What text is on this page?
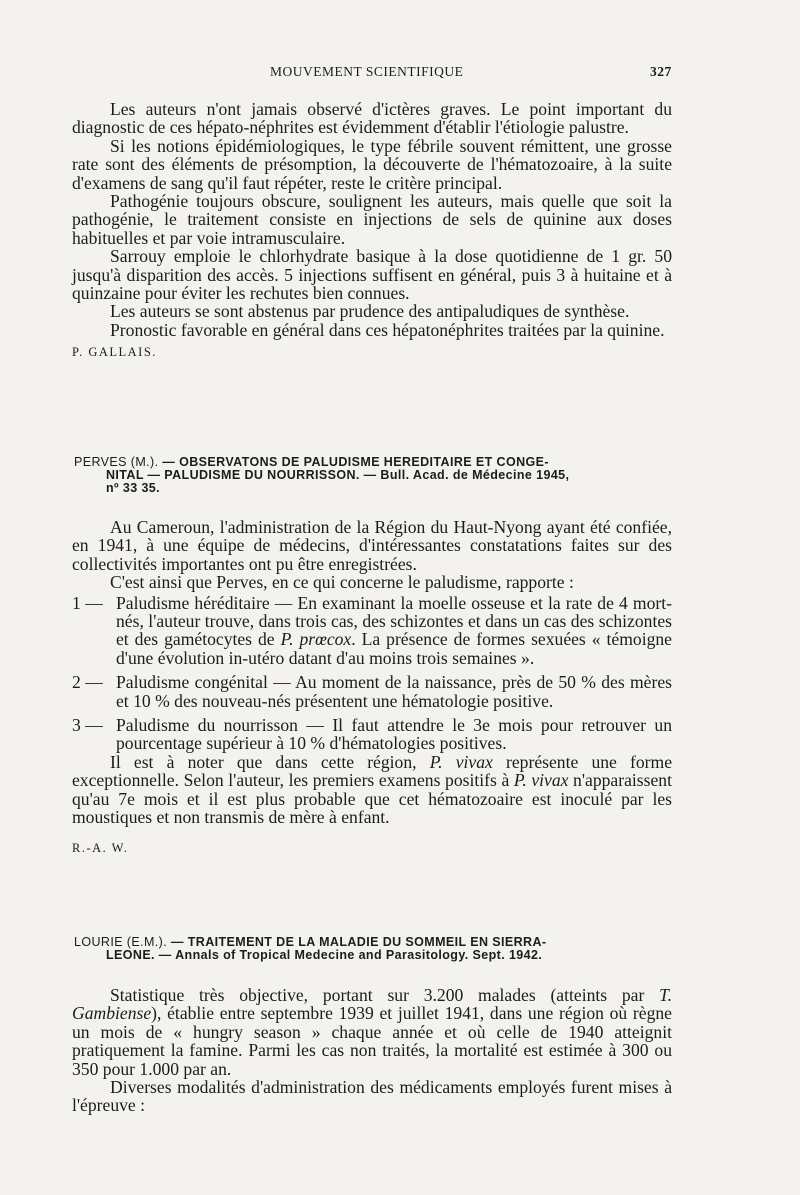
MOUVEMENT SCIENTIFIQUE	327

Les auteurs n'ont jamais observé d'ictères graves. Le point important du diagnostic de ces hépato-néphrites est évidemment d'établir l'étiologie palustre.

Si les notions épidémiologiques, le type fébrile souvent rémittent, une grosse rate sont des éléments de présomption, la découverte de l'hématozoaire, à la suite d'examens de sang qu'il faut répéter, reste le critère principal.

Pathogénie toujours obscure, soulignent les auteurs, mais quelle que soit la pathogénie, le traitement consiste en injections de sels de quinine aux doses habituelles et par voie intramusculaire.

Sarrouy emploie le chlorhydrate basique à la dose quotidienne de 1 gr. 50 jusqu'à disparition des accès. 5 injections suffisent en général, puis 3 à huitaine et à quinzaine pour éviter les rechutes bien connues.

Les auteurs se sont abstenus par prudence des antipaludiques de synthèse.

Pronostic favorable en général dans ces hépatonéphrites traitées par la quinine.

P. GALLAIS.

PERVES (M.). — OBSERVATONS DE PALUDISME HEREDITAIRE ET CONGE-
NITAL — PALUDISME DU NOURRISSON. — Bull. Acad. de Médecine 1945,
nº 33 35.

Au Cameroun, l'administration de la Région du Haut-Nyong ayant été confiée, en 1941, à une équipe de médecins, d'intéressantes constatations faites sur des collectivités importantes ont pu être enregistrées.

C'est ainsi que Perves, en ce qui concerne le paludisme, rapporte :

1 — Paludisme héréditaire — En examinant la moelle osseuse et la rate de 4 mort-nés, l'auteur trouve, dans trois cas, des schizontes et dans un cas des schizontes et des gamétocytes de P. prœcox. La présence de formes sexuées « témoigne d'une évolution in-utéro datant d'au moins trois semaines ».

2 — Paludisme congénital — Au moment de la naissance, près de 50 % des mères et 10 % des nouveau-nés présentent une hématologie positive.

3 — Paludisme du nourrisson — Il faut attendre le 3e mois pour retrouver un pourcentage supérieur à 10 % d'hématologies positives.

Il est à noter que dans cette région, P. vivax représente une forme exceptionnelle. Selon l'auteur, les premiers examens positifs à P. vivax n'apparaissent qu'au 7e mois et il est plus probable que cet hématozoaire est inoculé par les moustiques et non transmis de mère à enfant.

R.-A. W.

LOURIE (E.M.). — TRAITEMENT DE LA MALADIE DU SOMMEIL EN SIERRA-
LEONE. — Annals of Tropical Medecine and Parasitology. Sept. 1942.

Statistique très objective, portant sur 3.200 malades (atteints par T. Gambiense), établie entre septembre 1939 et juillet 1941, dans une région où règne un mois de « hungry season » chaque année et où celle de 1940 atteignit pratiquement la famine. Parmi les cas non traités, la mortalité est estimée à 300 ou 350 pour 1.000 par an.

Diverses modalités d'administration des médicaments employés furent mises à l'épreuve :
